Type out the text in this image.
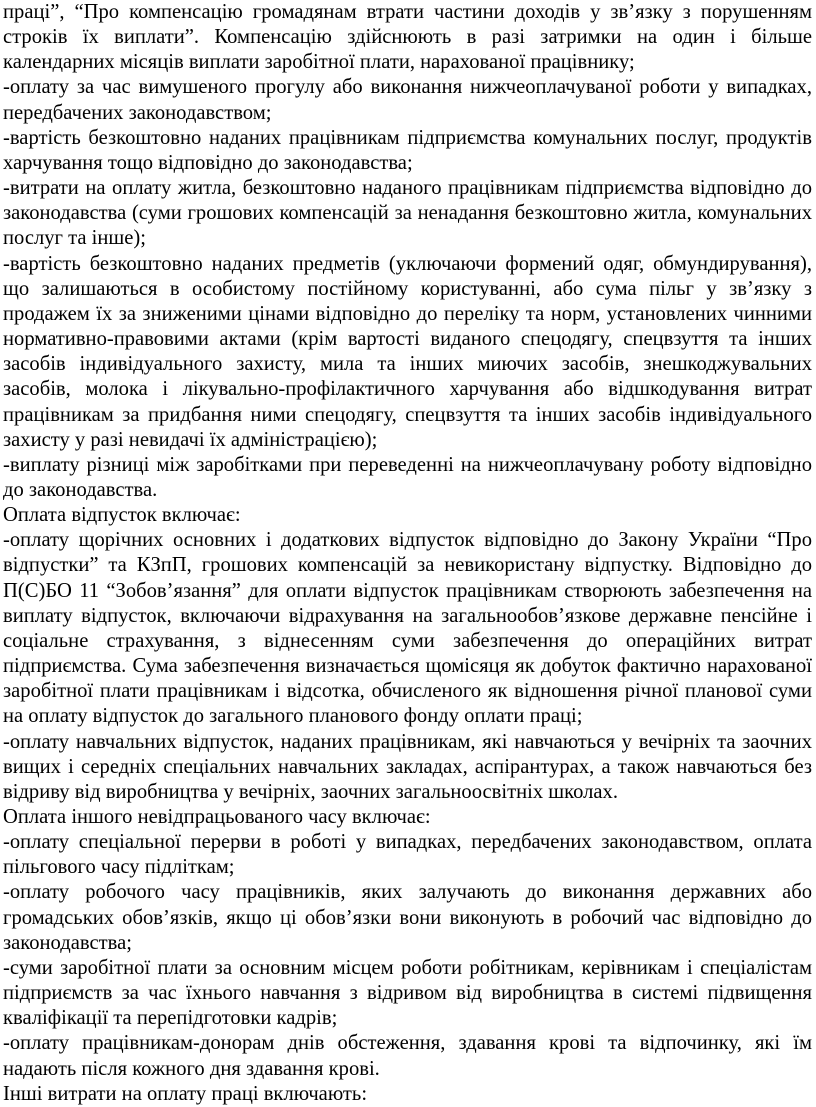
праці”, “Про компенсацію громадянам втрати частини доходів у зв’язку з порушенням строків їх виплати”. Компенсацію здійснюють в разі затримки на один і більше календарних місяців виплати заробітної плати, нарахованої працівнику;

-оплату за час вимушеного прогулу або виконання нижчеоплачуваної роботи у випадках, передбачених законодавством;

-вартість безкоштовно наданих працівникам підприємства комунальних послуг, продуктів харчування тощо відповідно до законодавства;

-витрати на оплату житла, безкоштовно наданого працівникам підприємства відповідно до законодавства (суми грошових компенсацій за ненадання безкоштовно житла, комунальних послуг та інше);

-вартість безкоштовно наданих предметів (уключаючи формений одяг, обмундирування), що залишаються в особистому постійному користуванні, або сума пільг у зв’язку з продажем їх за зниженими цінами відповідно до переліку та норм, установлених чинними нормативно-правовими актами (крім вартості виданого спецодягу, спецвзуття та інших засобів індивідуального захисту, мила та інших миючих засобів, знешкоджувальних засобів, молока і лікувально-профілактичного харчування або відшкодування витрат працівникам за придбання ними спецодягу, спецвзуття та інших засобів індивідуального захисту у разі невидачі їх адміністрацією);

-виплату різниці між заробітками при переведенні на нижчеоплачувану роботу відповідно до законодавства.

Оплата відпусток включає:

-оплату щорічних основних і додаткових відпусток відповідно до Закону України “Про відпустки” та КЗпП, грошових компенсацій за невикористану відпустку. Відповідно до П(С)БО 11 “Зобов’язання” для оплати відпусток працівникам створюють забезпечення на виплату відпусток, включаючи відрахування на загальнообов’язкове державне пенсійне і соціальне страхування, з віднесенням суми забезпечення до операційних витрат підприємства. Сума забезпечення визначається щомісяця як добуток фактично нарахованої заробітної плати працівникам і відсотка, обчисленого як відношення річної планової суми на оплату відпусток до загального планового фонду оплати праці;

-оплату навчальних відпусток, наданих працівникам, які навчаються у вечірніх та заочних вищих і середніх спеціальних навчальних закладах, аспірантурах, а також навчаються без відриву від виробництва у вечірніх, заочних загальноосвітніх школах.

Оплата іншого невідпрацьованого часу включає:

-оплату спеціальної перерви в роботі у випадках, передбачених законодавством, оплата пільгового часу підліткам;

-оплату робочого часу працівників, яких залучають до виконання державних або громадських обов’язків, якщо ці обов’язки вони виконують в робочий час відповідно до законодавства;

-суми заробітної плати за основним місцем роботи робітникам, керівникам і спеціалістам підприємств за час їхнього навчання з відривом від виробництва в системі підвищення кваліфікації та перепідготовки кадрів;

-оплату працівникам-донорам днів обстеження, здавання крові та відпочинку, які їм надають після кожного дня здавання крові.

Інші витрати на оплату праці включають:
